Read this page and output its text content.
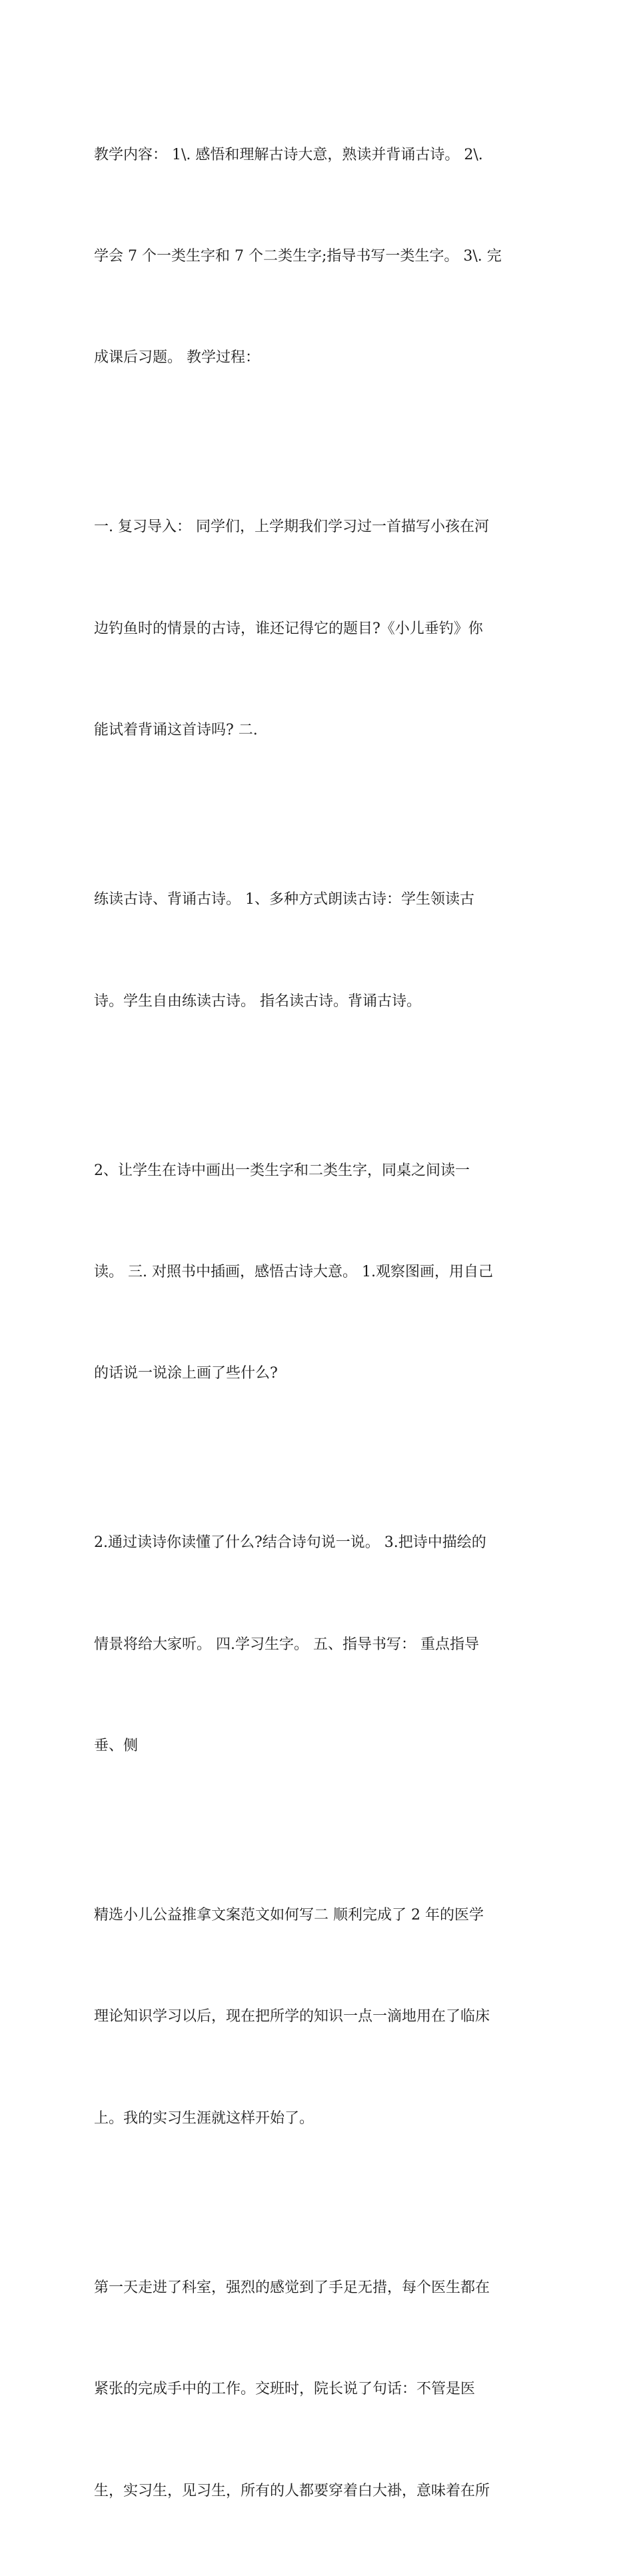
教学内容： 1\. 感悟和理解古诗大意，熟读并背诵古诗。 2\.

学会 7 个一类生字和 7 个二类生字;指导书写一类生字。 3\. 完

成课后习题。 教学过程：

一. 复习导入： 同学们，上学期我们学习过一首描写小孩在河

边钓鱼时的情景的古诗，谁还记得它的题目?《小儿垂钓》你

能试着背诵这首诗吗? 二.

练读古诗、背诵古诗。 1、多种方式朗读古诗：学生领读古

诗。学生自由练读古诗。 指名读古诗。背诵古诗。

2、让学生在诗中画出一类生字和二类生字，同桌之间读一

读。 三. 对照书中插画，感悟古诗大意。 1.观察图画，用自己

的话说一说涂上画了些什么?

2.通过读诗你读懂了什么?结合诗句说一说。 3.把诗中描绘的

情景将给大家听。 四.学习生字。 五、指导书写： 重点指导

垂、侧

精选小儿公益推拿文案范文如何写二 顺利完成了 2 年的医学

理论知识学习以后，现在把所学的知识一点一滴地用在了临床

上。我的实习生涯就这样开始了。

第一天走进了科室，强烈的感觉到了手足无措，每个医生都在

紧张的完成手中的工作。交班时，院长说了句话：不管是医

生，实习生，见习生，所有的人都要穿着白大褂，意味着在所
